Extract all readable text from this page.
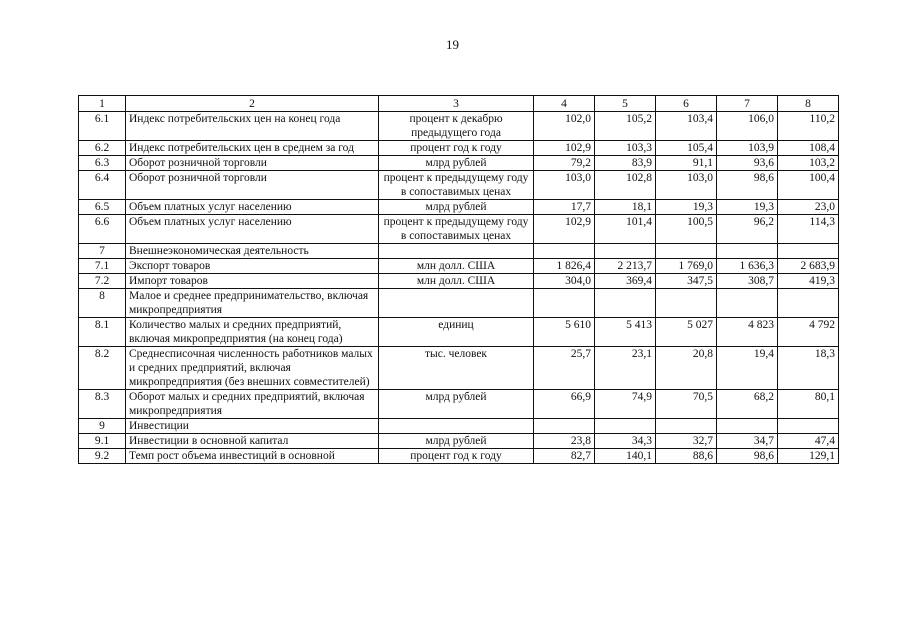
19
1	2	3	4	5	6	7	8
6.1	Индекс потребительских цен на конец года	процент к декабрю предыдущего года	102,0	105,2	103,4	106,0	110,2
6.2	Индекс потребительских цен в среднем за год	процент год к году	102,9	103,3	105,4	103,9	108,4
6.3	Оборот розничной торговли	млрд рублей	79,2	83,9	91,1	93,6	103,2
6.4	Оборот розничной торговли	процент к предыдущему году в сопоставимых ценах	103,0	102,8	103,0	98,6	100,4
6.5	Объем платных услуг населению	млрд рублей	17,7	18,1	19,3	19,3	23,0
6.6	Объем платных услуг населению	процент к предыдущему году в сопоставимых ценах	102,9	101,4	100,5	96,2	114,3
7	Внешнеэкономическая деятельность						
7.1	Экспорт товаров	млн долл. США	1 826,4	2 213,7	1 769,0	1 636,3	2 683,9
7.2	Импорт товаров	млн долл. США	304,0	369,4	347,5	308,7	419,3
8	Малое и среднее предпринимательство, включая микропредприятия						
8.1	Количество малых и средних предприятий, включая микропредприятия (на конец года)	единиц	5 610	5 413	5 027	4 823	4 792
8.2	Среднесписочная численность работников малых и средних предприятий, включая микропредприятия (без внешних совместителей)	тыс. человек	25,7	23,1	20,8	19,4	18,3
8.3	Оборот малых и средних предприятий, включая микропредприятия	млрд рублей	66,9	74,9	70,5	68,2	80,1
9	Инвестиции						
9.1	Инвестиции в основной капитал	млрд рублей	23,8	34,3	32,7	34,7	47,4
9.2	Темп рост объема инвестиций в основной	процент год к году	82,7	140,1	88,6	98,6	129,1
